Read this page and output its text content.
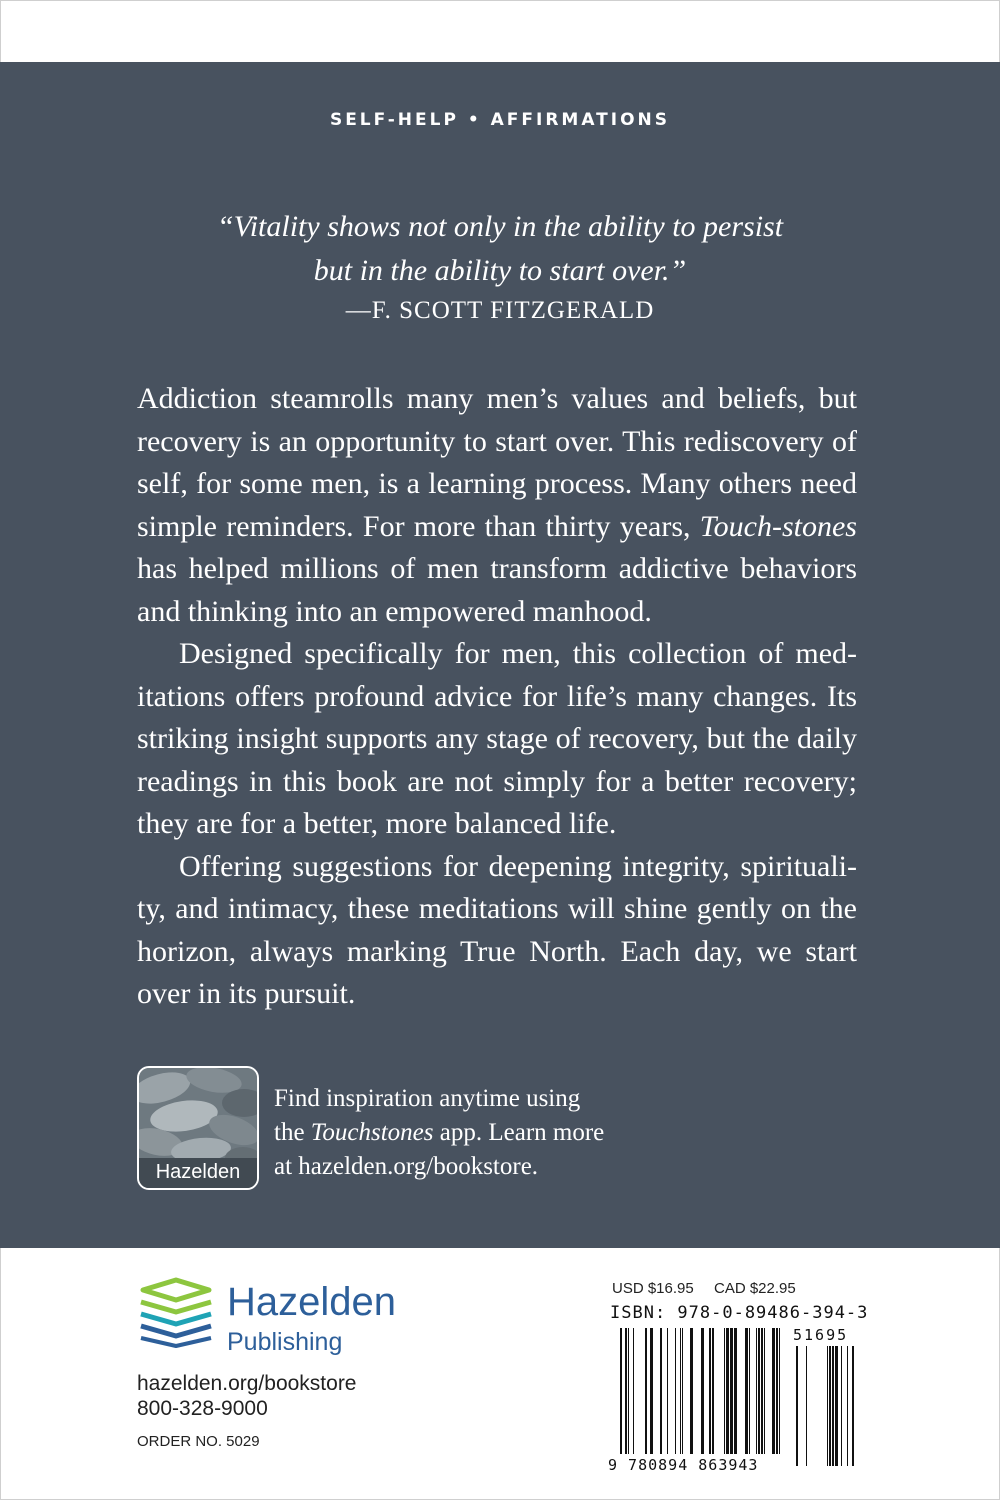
SELF-HELP • AFFIRMATIONS
“Vitality shows not only in the ability to persist
but in the ability to start over.”
—F. SCOTT FITZGERALD

Addiction steamrolls many men’s values and beliefs, but recovery is an opportunity to start over. This rediscovery of self, for some men, is a learning process. Many others need simple reminders. For more than thirty years, Touch-stones has helped millions of men transform addictive behaviors and thinking into an empowered manhood.

Designed specifically for men, this collection of med-itations offers profound advice for life’s many changes. Its striking insight supports any stage of recovery, but the daily readings in this book are not simply for a better recovery; they are for a better, more balanced life.

Offering suggestions for deepening integrity, spirituali-ty, and intimacy, these meditations will shine gently on the horizon, always marking True North. Each day, we start over in its pursuit.

Hazelden
Find inspiration anytime using
the Touchstones app. Learn more
at hazelden.org/bookstore.
Hazelden
Publishing
hazelden.org/bookstore
800-328-9000
ORDER NO. 5029
USD $16.95 CAD $22.95
ISBN: 978-0-89486-394-3
51695
9 780894 863943
